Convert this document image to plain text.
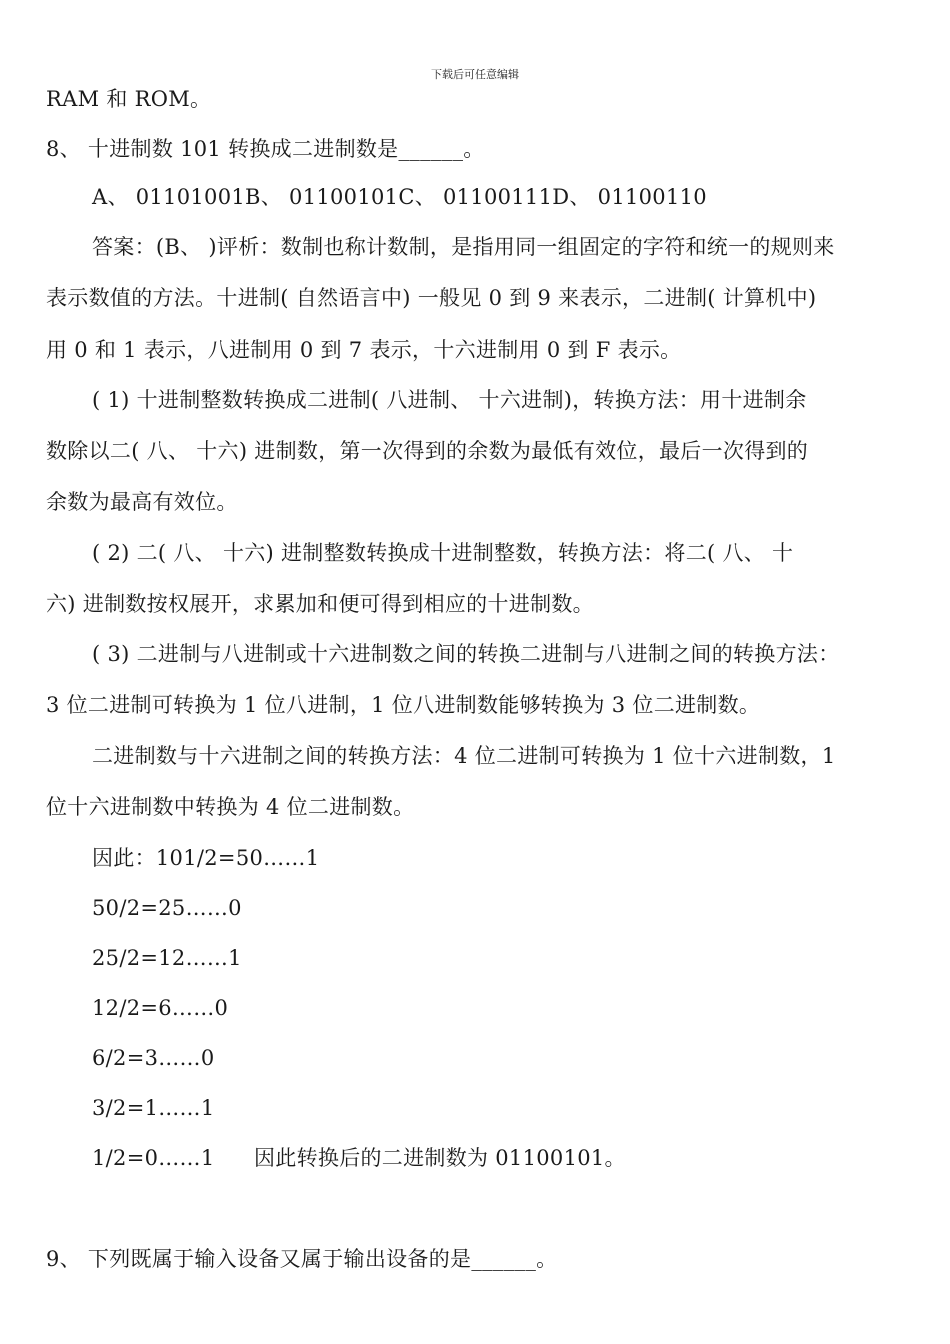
下载后可任意编辑
RAM 和 ROM。
8、 十进制数 101 转换成二进制数是______。
A、 01101001B、 01100101C、 01100111D、 01100110
答案：(B、 )评析：数制也称计数制，是指用同一组固定的字符和统一的规则来
表示数值的方法。十进制( 自然语言中) 一般见 0 到 9 来表示，二进制( 计算机中)
用 0 和 1 表示，八进制用 0 到 7 表示，十六进制用 0 到 F 表示。
( 1) 十进制整数转换成二进制( 八进制、 十六进制)，转换方法：用十进制余
数除以二( 八、 十六) 进制数，第一次得到的余数为最低有效位，最后一次得到的
余数为最高有效位。
( 2) 二( 八、 十六) 进制整数转换成十进制整数，转换方法：将二( 八、 十
六) 进制数按权展开，求累加和便可得到相应的十进制数。
( 3) 二进制与八进制或十六进制数之间的转换二进制与八进制之间的转换方法：
3 位二进制可转换为 1 位八进制，1 位八进制数能够转换为 3 位二进制数。
二进制数与十六进制之间的转换方法：4 位二进制可转换为 1 位十六进制数，1
位十六进制数中转换为 4 位二进制数。
因此：101/2=50……1
50/2=25……0
25/2=12……1
12/2=6……0
6/2=3……0
3/2=1……1
1/2=0……1 因此转换后的二进制数为 01100101。
9、 下列既属于输入设备又属于输出设备的是______。
